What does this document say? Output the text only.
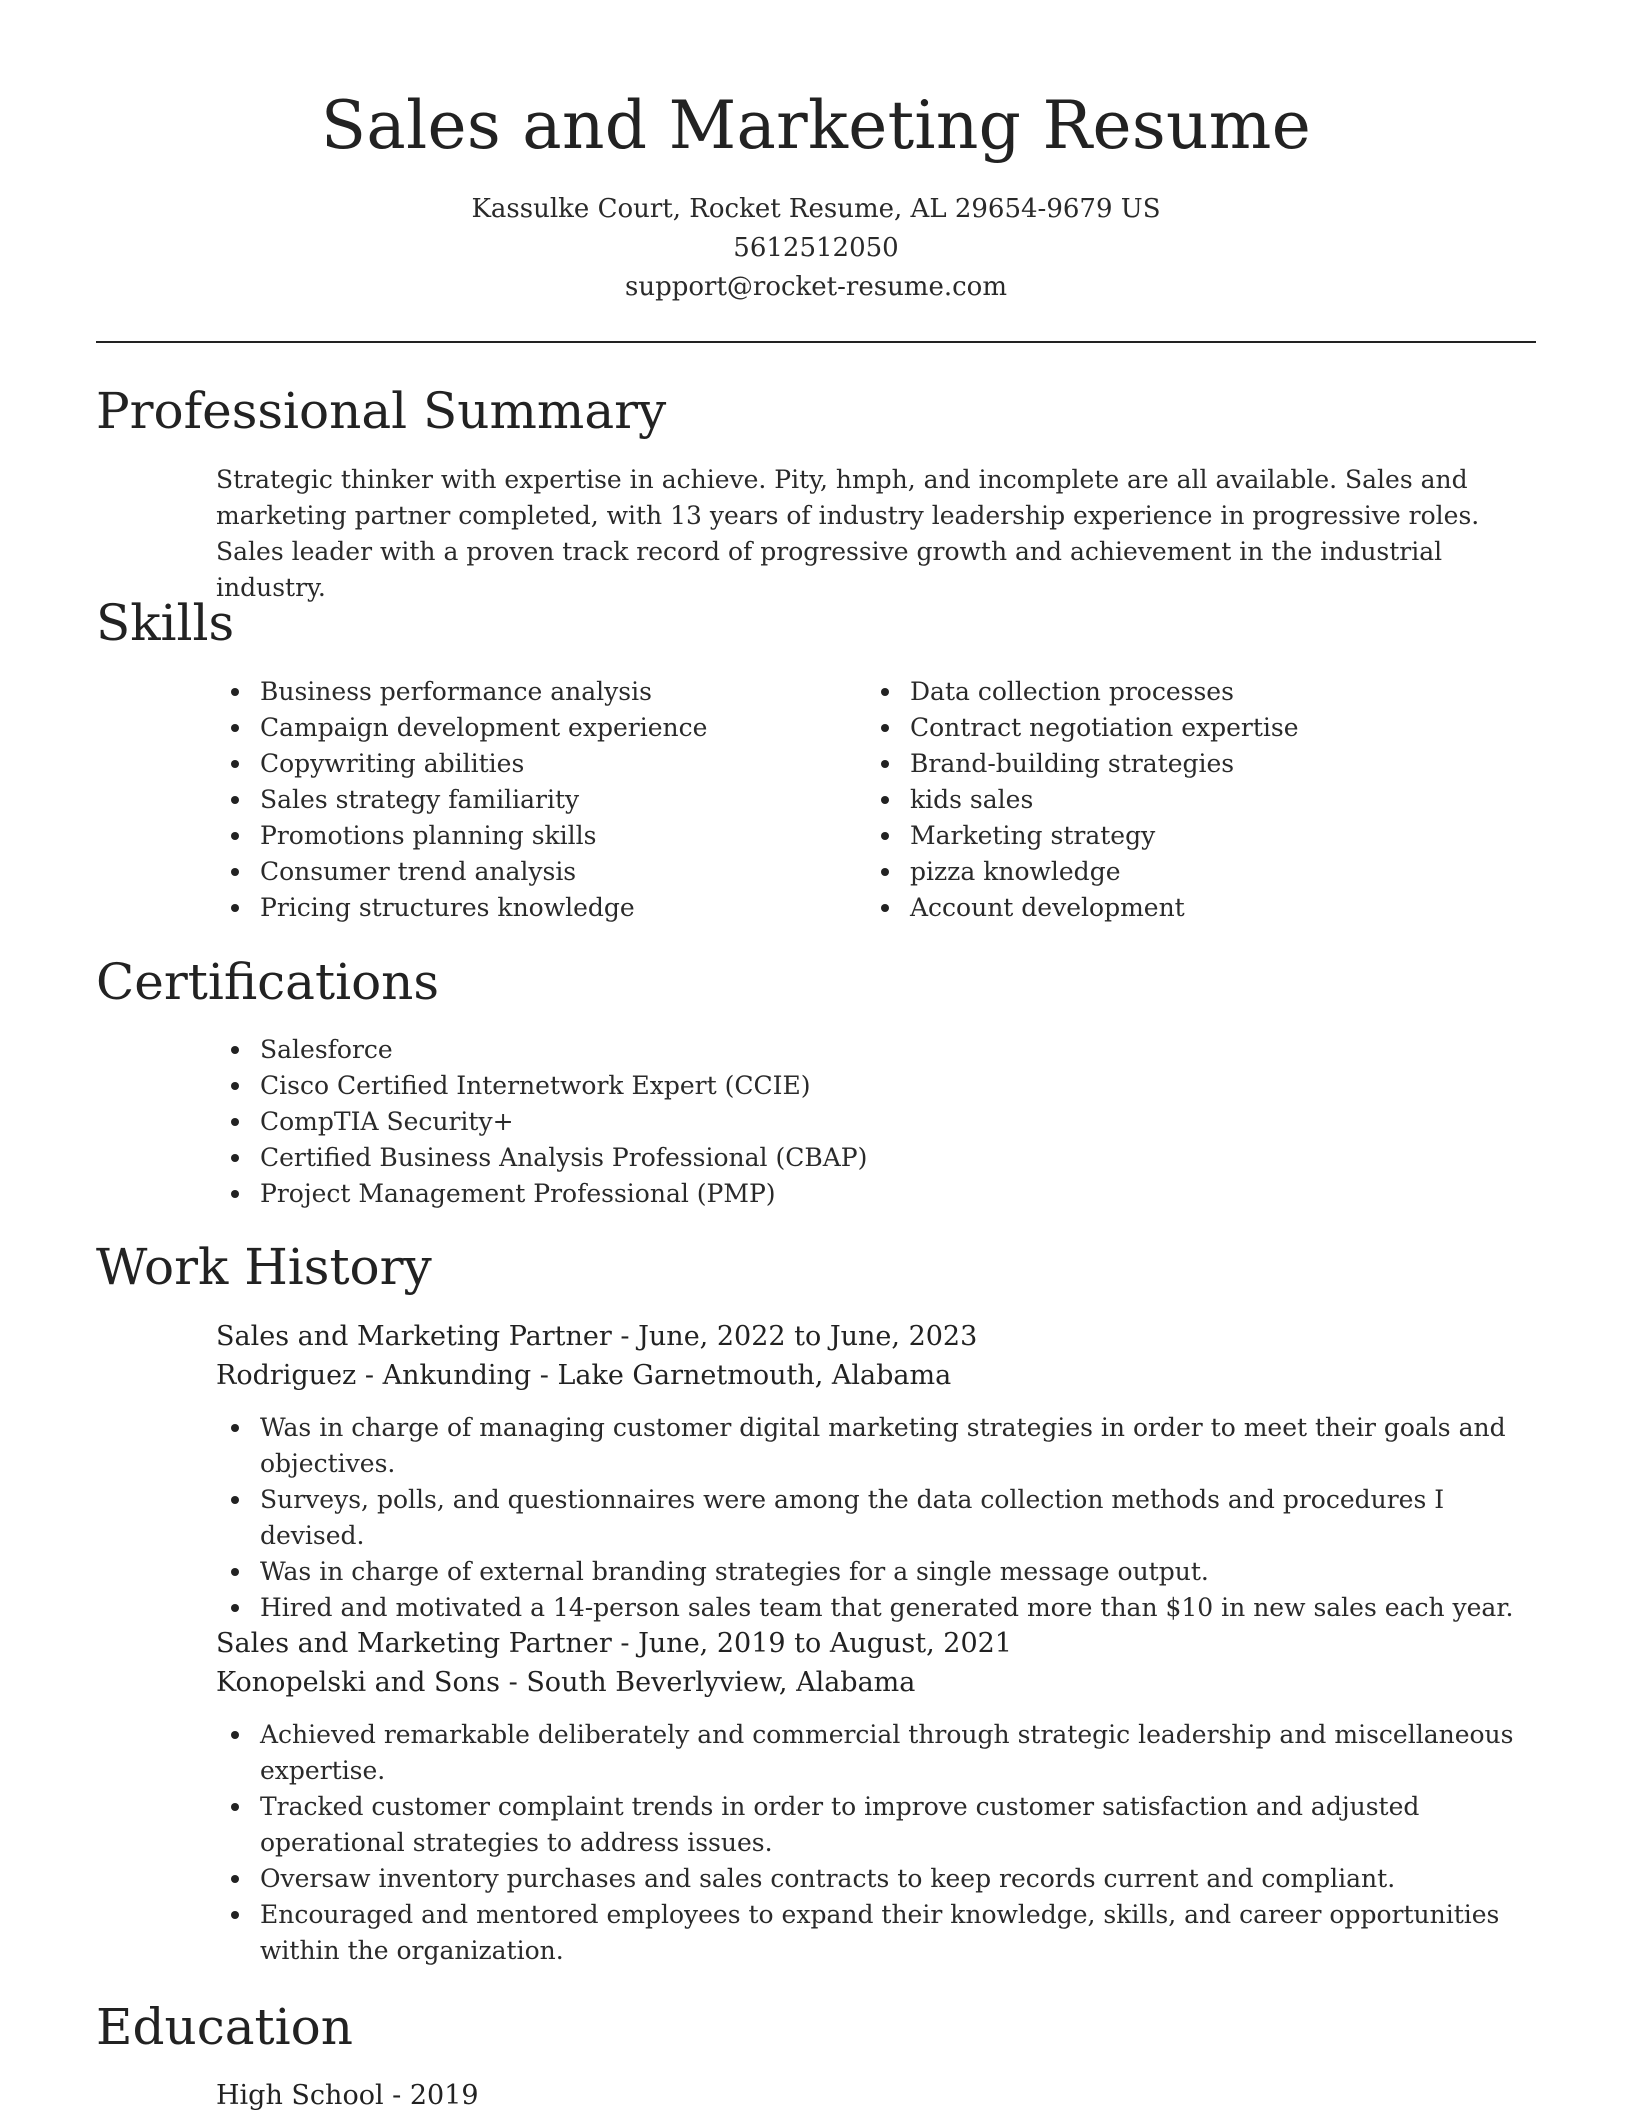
Sales and Marketing Resume
Kassulke Court, Rocket Resume, AL 29654-9679 US
5612512050
support@rocket-resume.com
Professional Summary
Strategic thinker with expertise in achieve. Pity, hmph, and incomplete are all available. Sales and marketing partner completed, with 13 years of industry leadership experience in progressive roles. Sales leader with a proven track record of progressive growth and achievement in the industrial industry.
Skills
Business performance analysis
Campaign development experience
Copywriting abilities
Sales strategy familiarity
Promotions planning skills
Consumer trend analysis
Pricing structures knowledge
Data collection processes
Contract negotiation expertise
Brand-building strategies
kids sales
Marketing strategy
pizza knowledge
Account development
Certifications
Salesforce
Cisco Certified Internetwork Expert (CCIE)
CompTIA Security+
Certified Business Analysis Professional (CBAP)
Project Management Professional (PMP)
Work History
Sales and Marketing Partner - June, 2022 to June, 2023
Rodriguez - Ankunding - Lake Garnetmouth, Alabama
Was in charge of managing customer digital marketing strategies in order to meet their goals and objectives.
Surveys, polls, and questionnaires were among the data collection methods and procedures I devised.
Was in charge of external branding strategies for a single message output.
Hired and motivated a 14-person sales team that generated more than $10 in new sales each year.
Sales and Marketing Partner - June, 2019 to August, 2021
Konopelski and Sons - South Beverlyview, Alabama
Achieved remarkable deliberately and commercial through strategic leadership and miscellaneous expertise.
Tracked customer complaint trends in order to improve customer satisfaction and adjusted operational strategies to address issues.
Oversaw inventory purchases and sales contracts to keep records current and compliant.
Encouraged and mentored employees to expand their knowledge, skills, and career opportunities within the organization.
Education
High School - 2019
